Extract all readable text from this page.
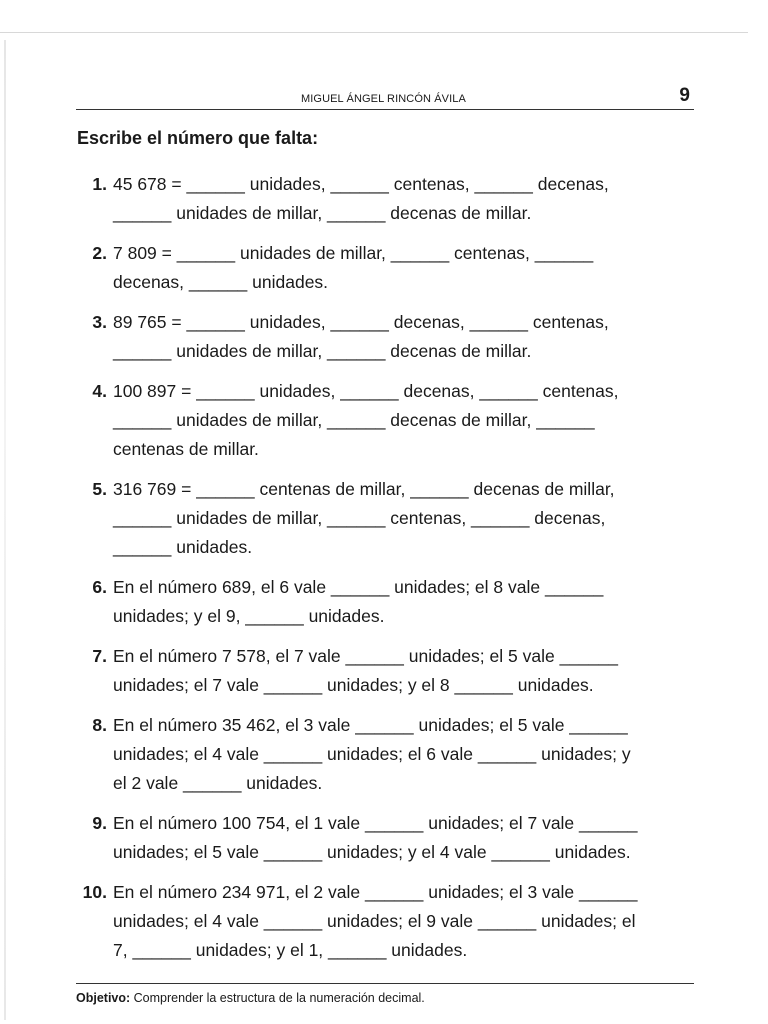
MIGUEL ÁNGEL RINCÓN ÁVILA	9
Escribe el número que falta:
1. 45 678 = ______ unidades, ______ centenas, ______ decenas,
______ unidades de millar, ______ decenas de millar.
2. 7 809 = ______ unidades de millar, ______ centenas, ______
decenas, ______ unidades.
3. 89 765 = ______ unidades, ______ decenas, ______ centenas,
______ unidades de millar, ______ decenas de millar.
4. 100 897 = ______ unidades, ______ decenas, ______ centenas,
______ unidades de millar, ______ decenas de millar, ______
centenas de millar.
5. 316 769 = ______ centenas de millar, ______ decenas de millar,
______ unidades de millar, ______ centenas, ______ decenas,
______ unidades.
6. En el número 689, el 6 vale ______ unidades; el 8 vale ______
unidades; y el 9, ______ unidades.
7. En el número 7 578, el 7 vale ______ unidades; el 5 vale ______
unidades; el 7 vale ______ unidades; y el 8 ______ unidades.
8. En el número 35 462, el 3 vale ______ unidades; el 5 vale ______
unidades; el 4 vale ______ unidades; el 6 vale ______ unidades; y
el 2 vale ______ unidades.
9. En el número 100 754, el 1 vale ______ unidades; el 7 vale ______
unidades; el 5 vale ______ unidades; y el 4 vale ______ unidades.
10. En el número 234 971, el 2 vale ______ unidades; el 3 vale ______
unidades; el 4 vale ______ unidades; el 9 vale ______ unidades; el
7, ______ unidades; y el 1, ______ unidades.
Objetivo: Comprender la estructura de la numeración decimal.
